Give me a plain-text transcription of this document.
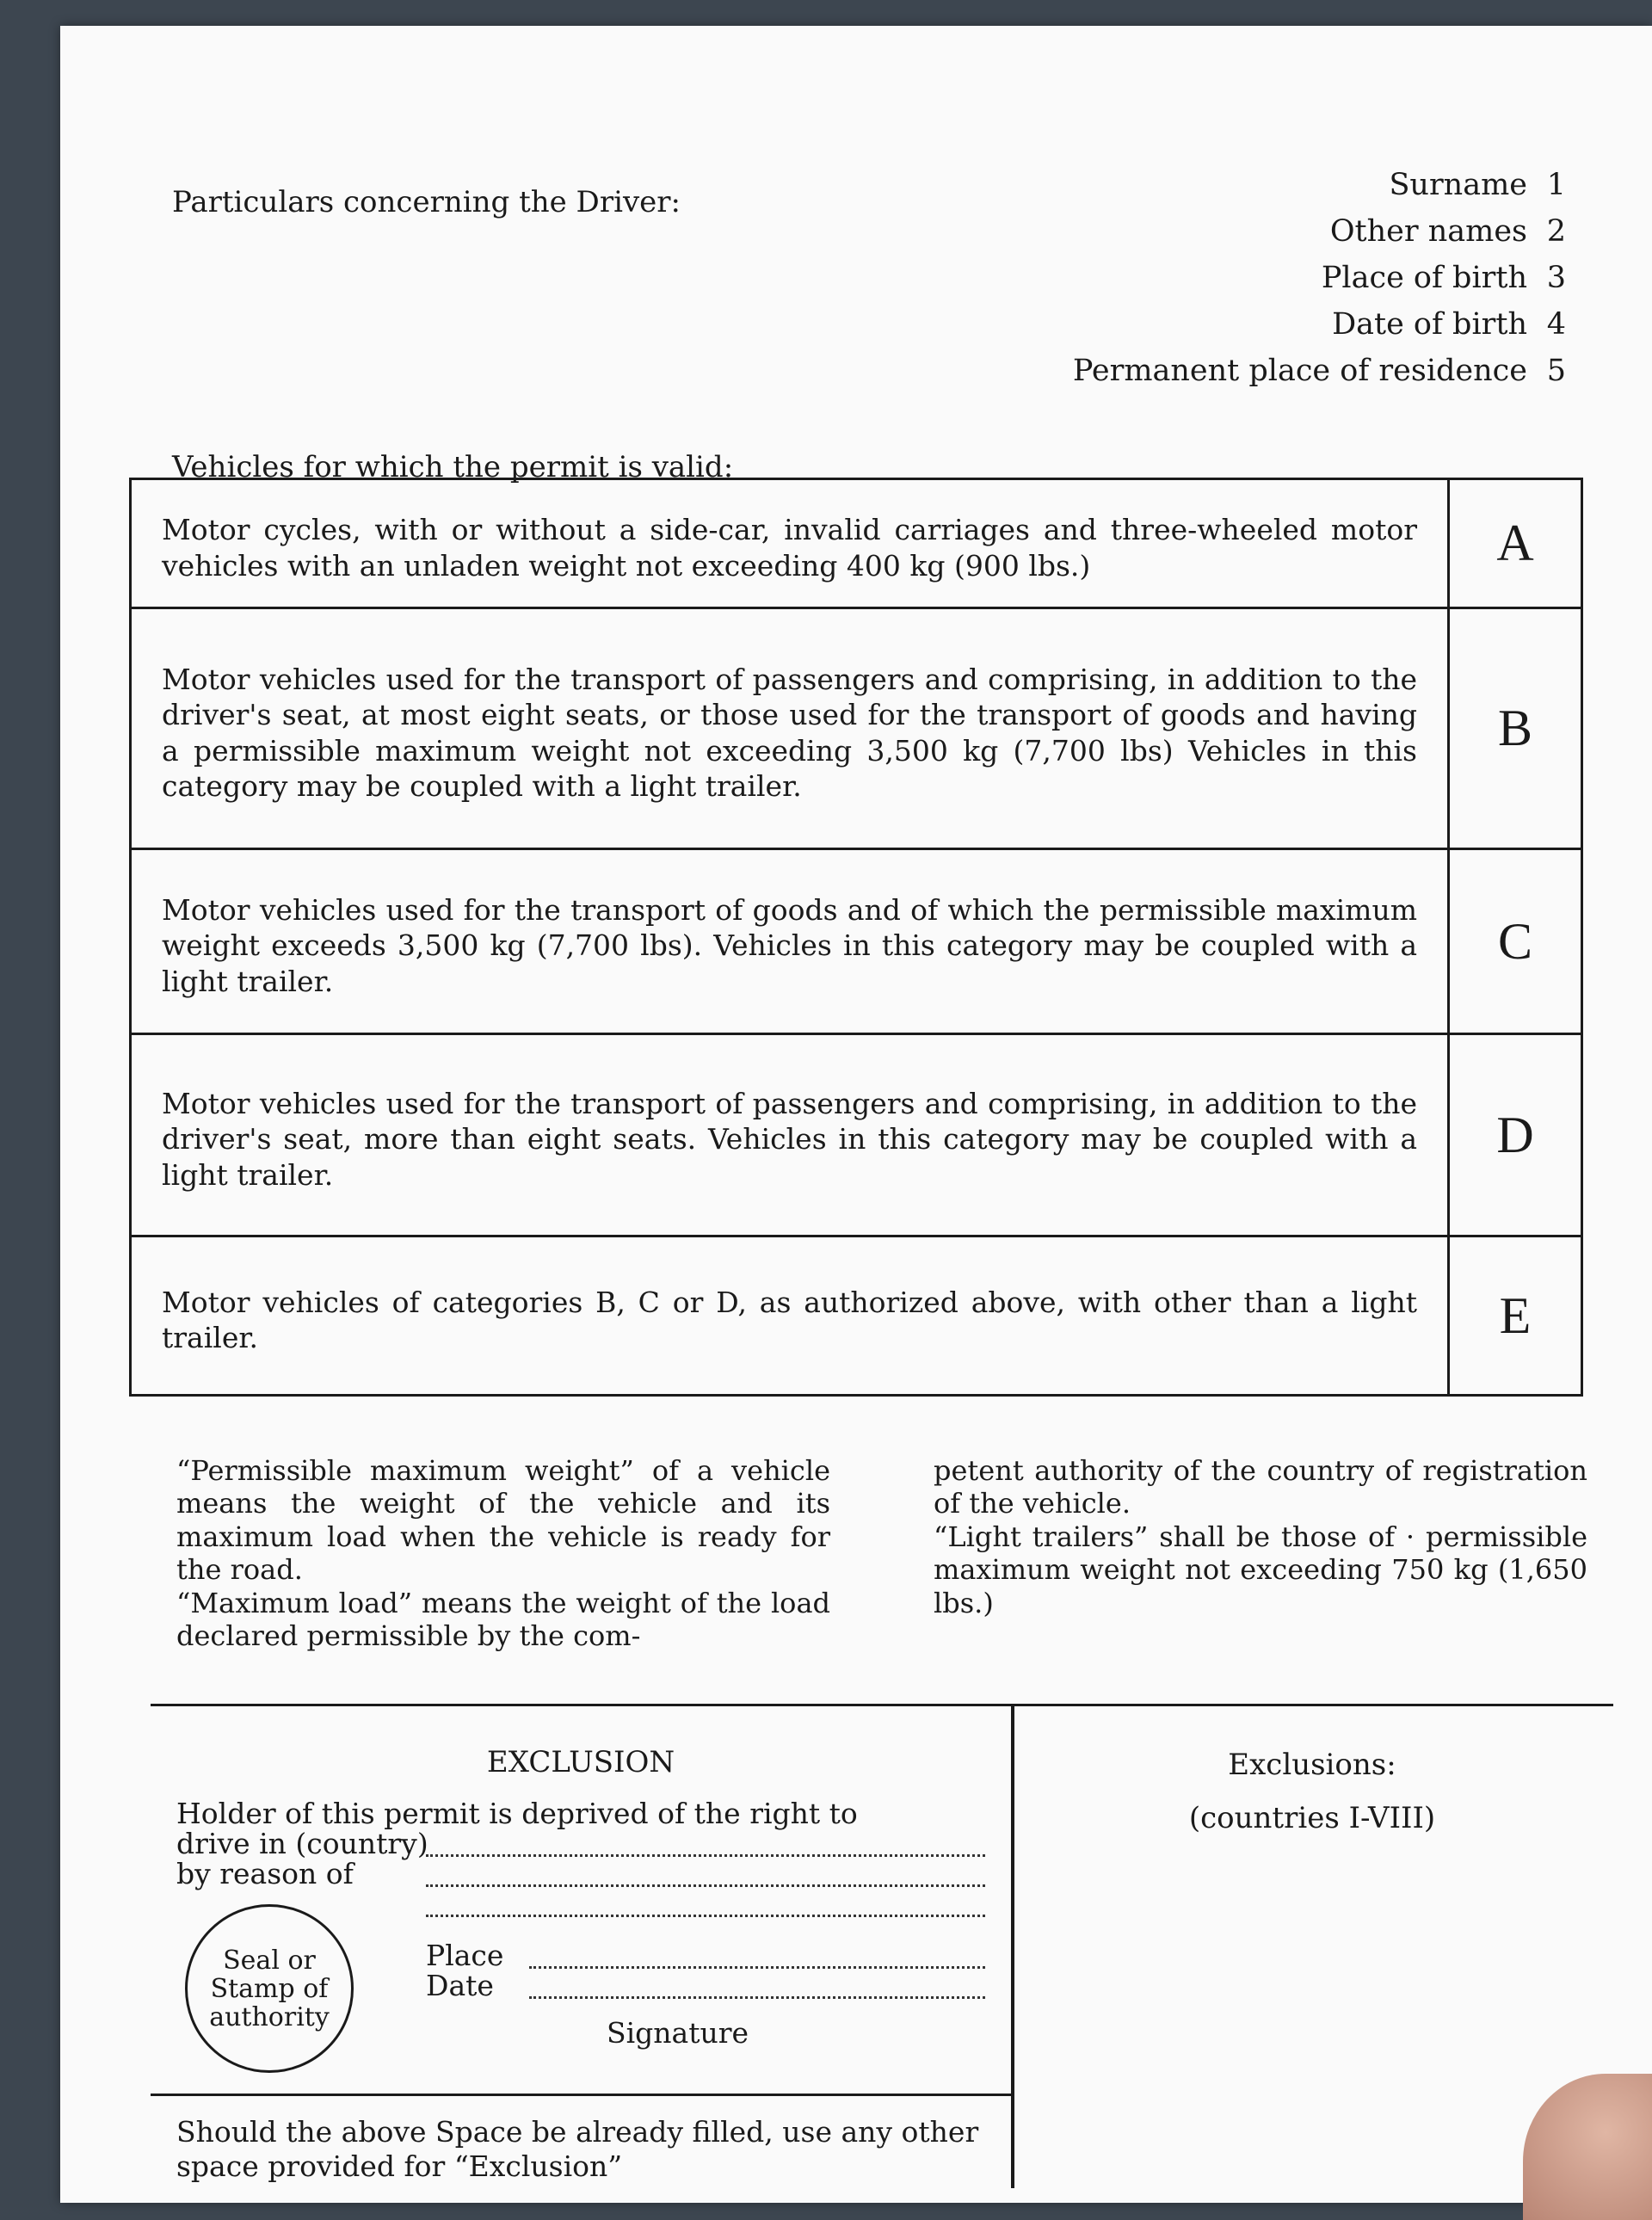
Particulars concerning the Driver:	Surname 1
Other names 2
Place of birth 3
Date of birth 4
Permanent place of residence 5
Vehicles for which the permit is valid:
Motor cycles, with or without a side-car, invalid carriages and three-wheeled motor vehicles with an unladen weight not exceeding 400 kg (900 lbs.)	A
Motor vehicles used for the transport of passengers and comprising, in addition to the driver's seat, at most eight seats, or those used for the transport of goods and having a permissible maximum weight not exceeding 3,500 kg (7,700 lbs) Vehicles in this category may be coupled with a light trailer.	B
Motor vehicles used for the transport of goods and of which the permissible maximum weight exceeds 3,500 kg (7,700 lbs). Vehicles in this category may be coupled with a light trailer.	C
Motor vehicles used for the transport of passengers and comprising, in addition to the driver's seat, more than eight seats. Vehicles in this category may be coupled with a light trailer.	D
Motor vehicles of categories B, C or D, as authorized above, with other than a light trailer.	E

“Permissible maximum weight” of a vehicle means the weight of the vehicle and its maximum load when the vehicle is ready for the road.

“Maximum load” means the weight of the load declared permissible by the com-

petent authority of the country of registration of the vehicle.

“Light trailers” shall be those of · permissible maximum weight not exceeding 750 kg (1,650 lbs.)

EXCLUSION
Holder of this permit is deprived of the right to
drive in (country)
by reason of
Seal or
Stamp of
authority
Place
Date
Signature
Should the above Space be already filled, use any other space provided for “Exclusion”
Exclusions:
(countries I-VIII)
